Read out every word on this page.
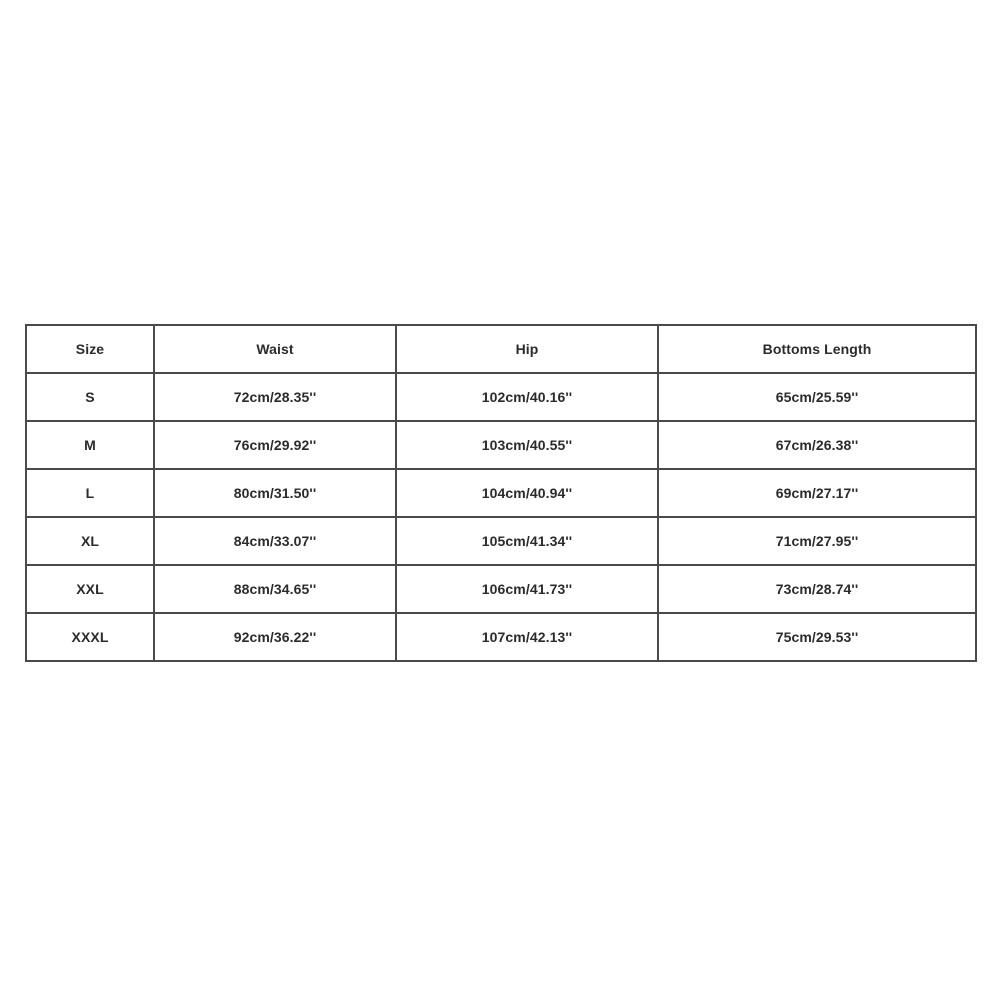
Size	Waist	Hip	Bottoms Length
S	72cm/28.35''	102cm/40.16''	65cm/25.59''
M	76cm/29.92''	103cm/40.55''	67cm/26.38''
L	80cm/31.50''	104cm/40.94''	69cm/27.17''
XL	84cm/33.07''	105cm/41.34''	71cm/27.95''
XXL	88cm/34.65''	106cm/41.73''	73cm/28.74''
XXXL	92cm/36.22''	107cm/42.13''	75cm/29.53''
